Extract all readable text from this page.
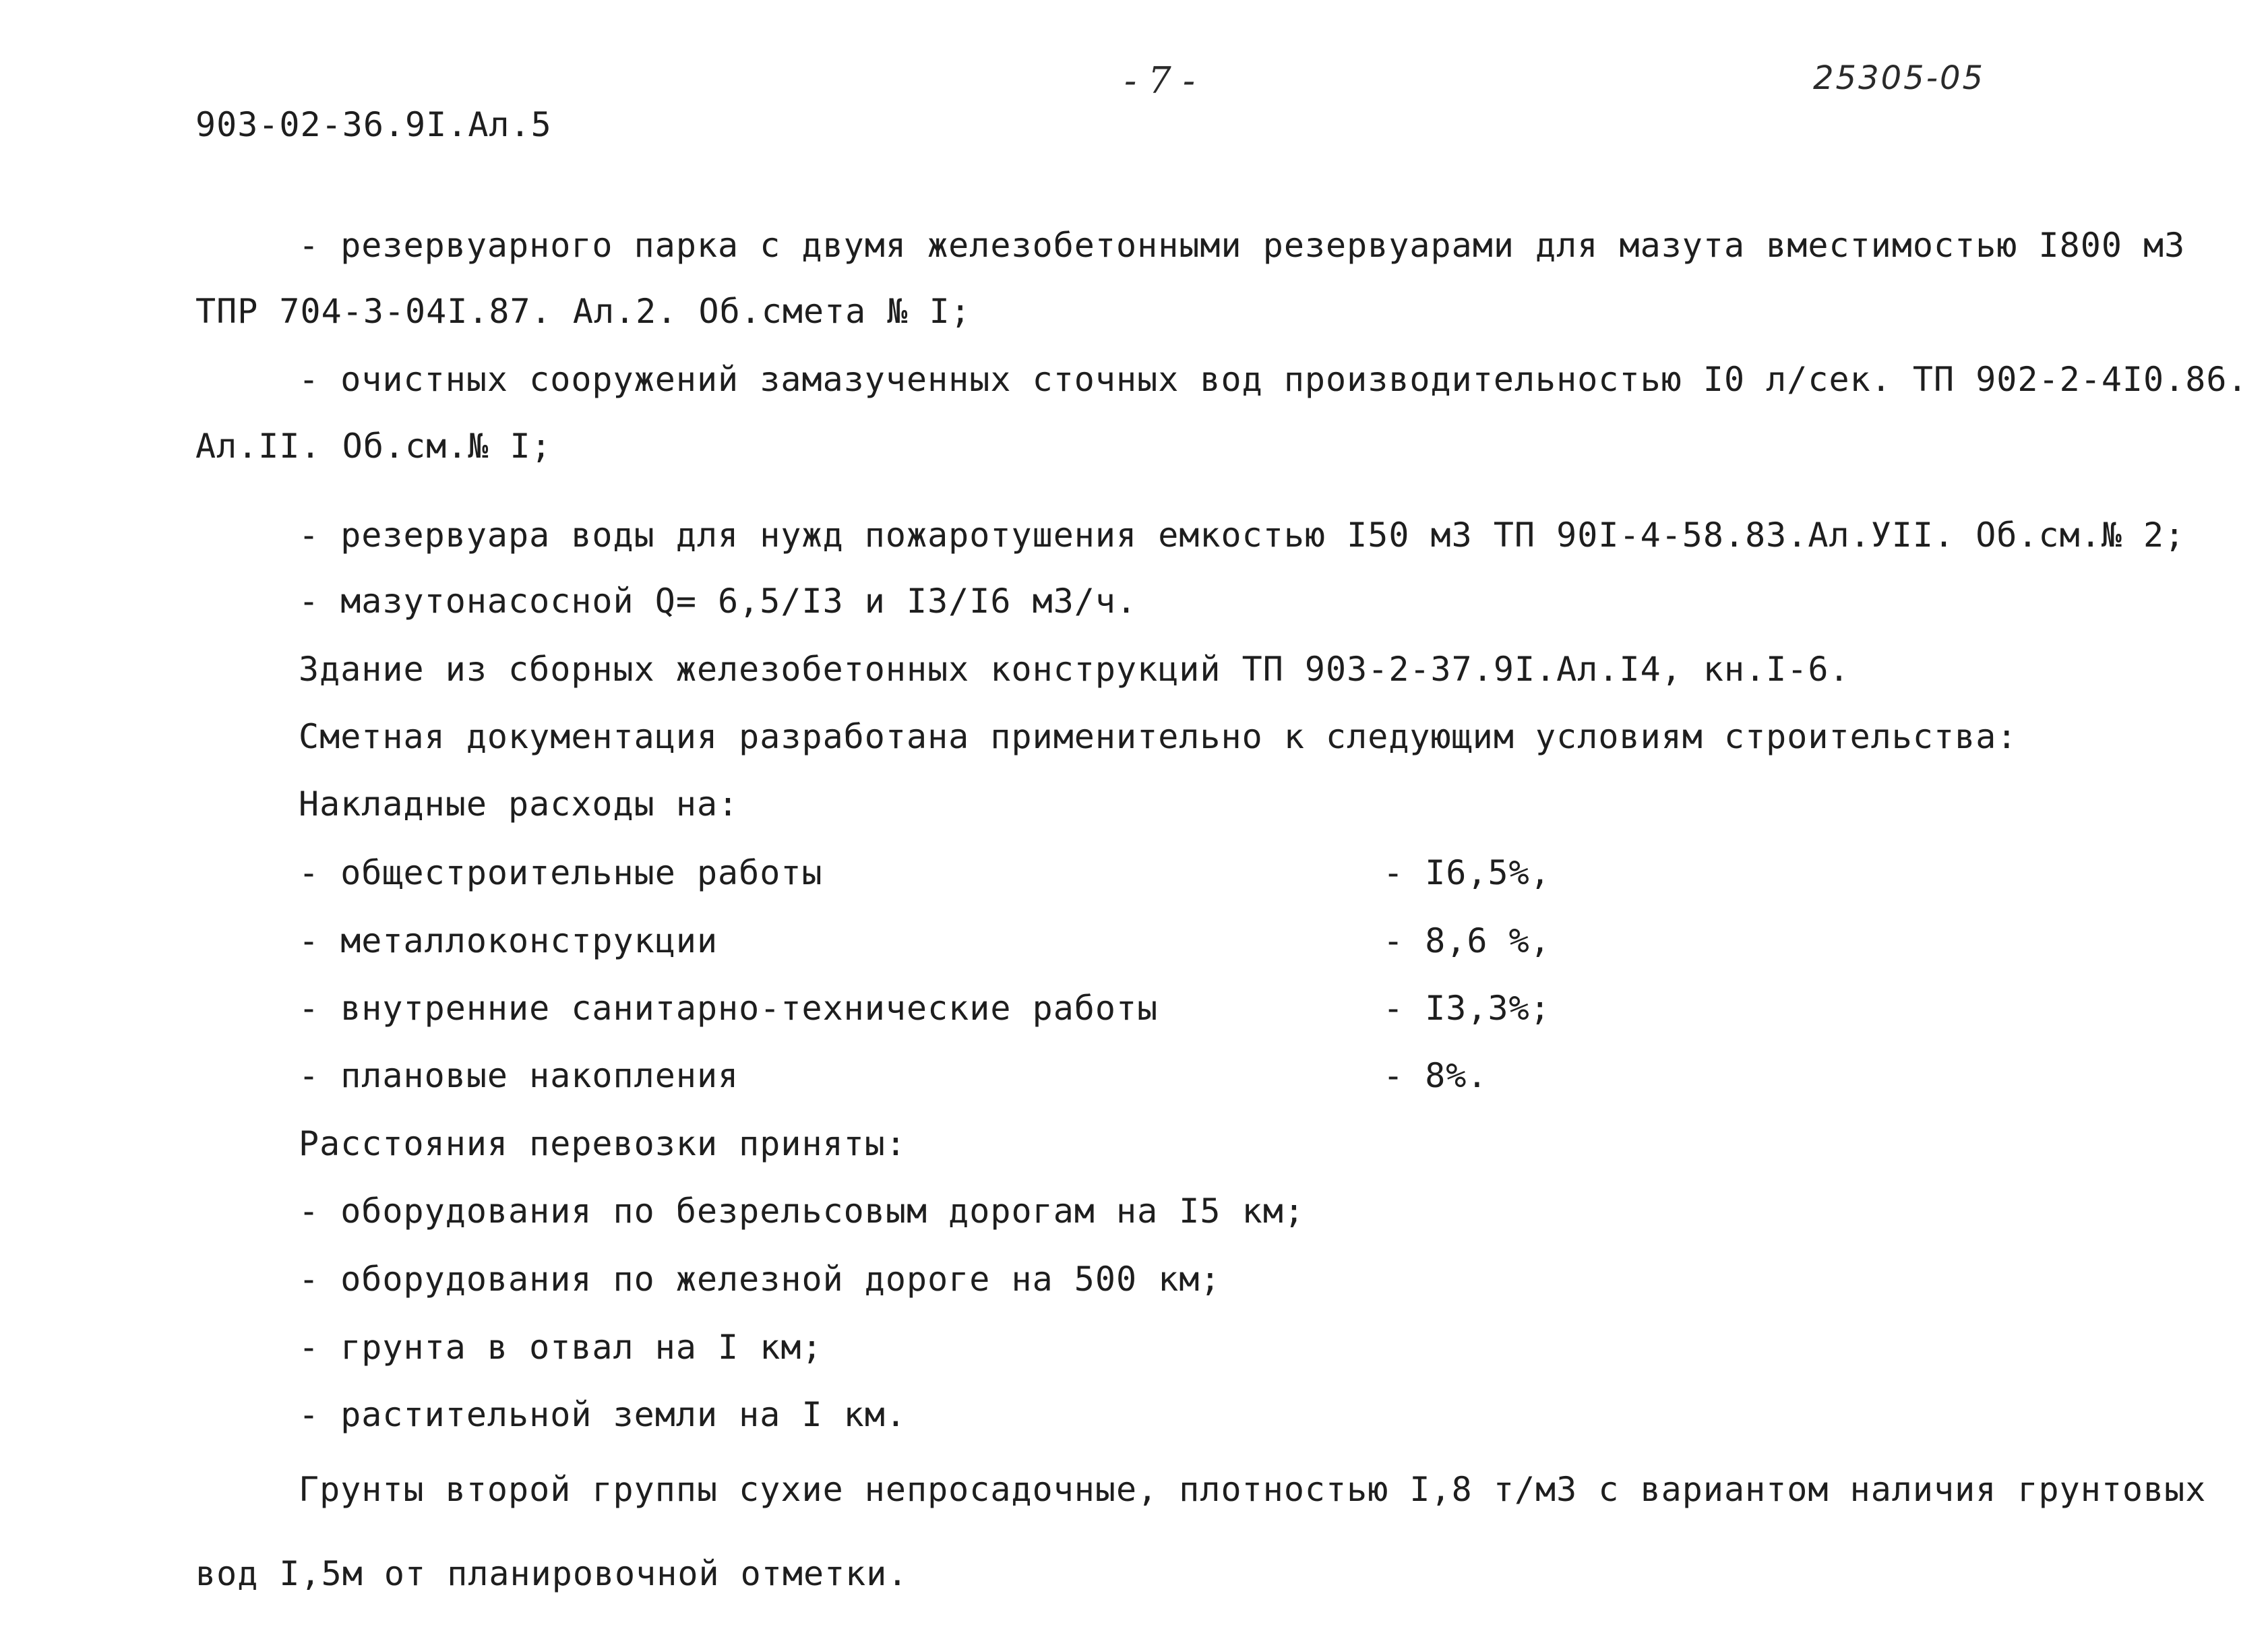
- 7 -	25305-05
903-02-36.9I.Ал.5
- резервуарного парка с двумя железобетонными резервуарами для мазута вместимостью I800 м3
ТПР 704-3-04I.87. Ал.2. Об.смета № I;
- очистных сооружений замазученных сточных вод производительностью I0 л/сек. ТП 902-2-4I0.86.
Ал.II. Об.см.№ I;
- резервуара воды для нужд пожаротушения емкостью I50 м3 ТП 90I-4-58.83.Ал.УII. Об.см.№ 2;
- мазутонасосной Q= 6,5/I3 и I3/I6 м3/ч.
Здание из сборных железобетонных конструкций ТП 903-2-37.9I.Ал.I4, кн.I-6.
Сметная документация разработана применительно к следующим условиям строительства:
Накладные расходы на:
- общестроительные работы	- I6,5%,
- металлоконструкции	- 8,6 %,
- внутренние санитарно-технические работы	- I3,3%;
- плановые накопления	- 8%.
Расстояния перевозки приняты:
- оборудования по безрельсовым дорогам на I5 км;
- оборудования по железной дороге на 500 км;
- грунта в отвал на I км;
- растительной земли на I км.
Грунты второй группы сухие непросадочные, плотностью I,8 т/м3 с вариантом наличия грунтовых
вод I,5м от планировочной отметки.
